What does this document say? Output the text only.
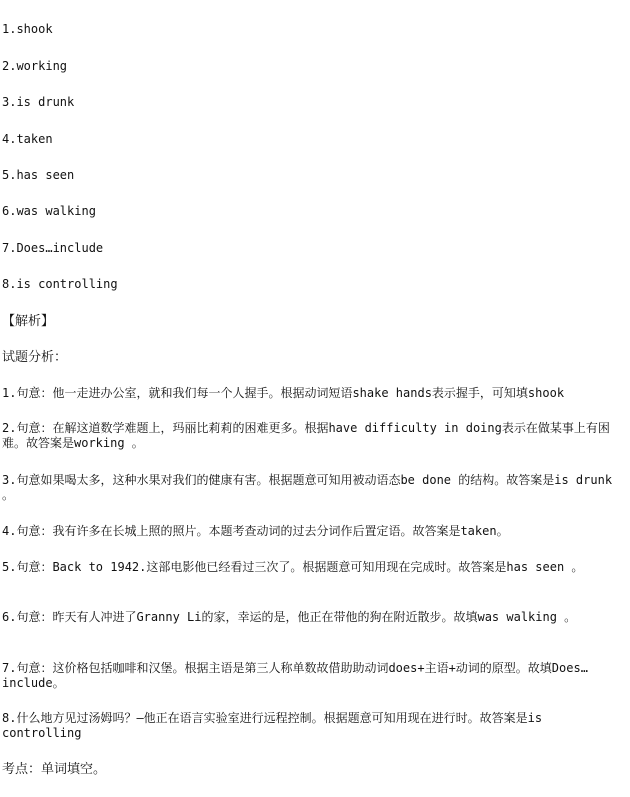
1.shook
2.working
3.is drunk
4.taken
5.has seen
6.was walking
7.Does…include
8.is controlling
【解析】
试题分析：
1.句意：他一走进办公室，就和我们每一个人握手。根据动词短语shake hands表示握手，可知填shook
2.句意：在解这道数学难题上，玛丽比莉莉的困难更多。根据have difficulty in doing表示在做某事上有困难。故答案是working 。
3.句意如果喝太多，这种水果对我们的健康有害。根据题意可知用被动语态be done 的结构。故答案是is drunk 。
4.句意：我有许多在长城上照的照片。本题考查动词的过去分词作后置定语。故答案是taken。
5.句意：Back to 1942.这部电影他已经看过三次了。根据题意可知用现在完成时。故答案是has seen 。
6.句意：昨天有人冲进了Granny Li的家，幸运的是，他正在带他的狗在附近散步。故填was walking 。
7.句意：这价格包括咖啡和汉堡。根据主语是第三人称单数故借助助动词does+主语+动词的原型。故填Does…include。
8.什么地方见过汤姆吗？—他正在语言实验室进行远程控制。根据题意可知用现在进行时。故答案是is controlling
考点：单词填空。
